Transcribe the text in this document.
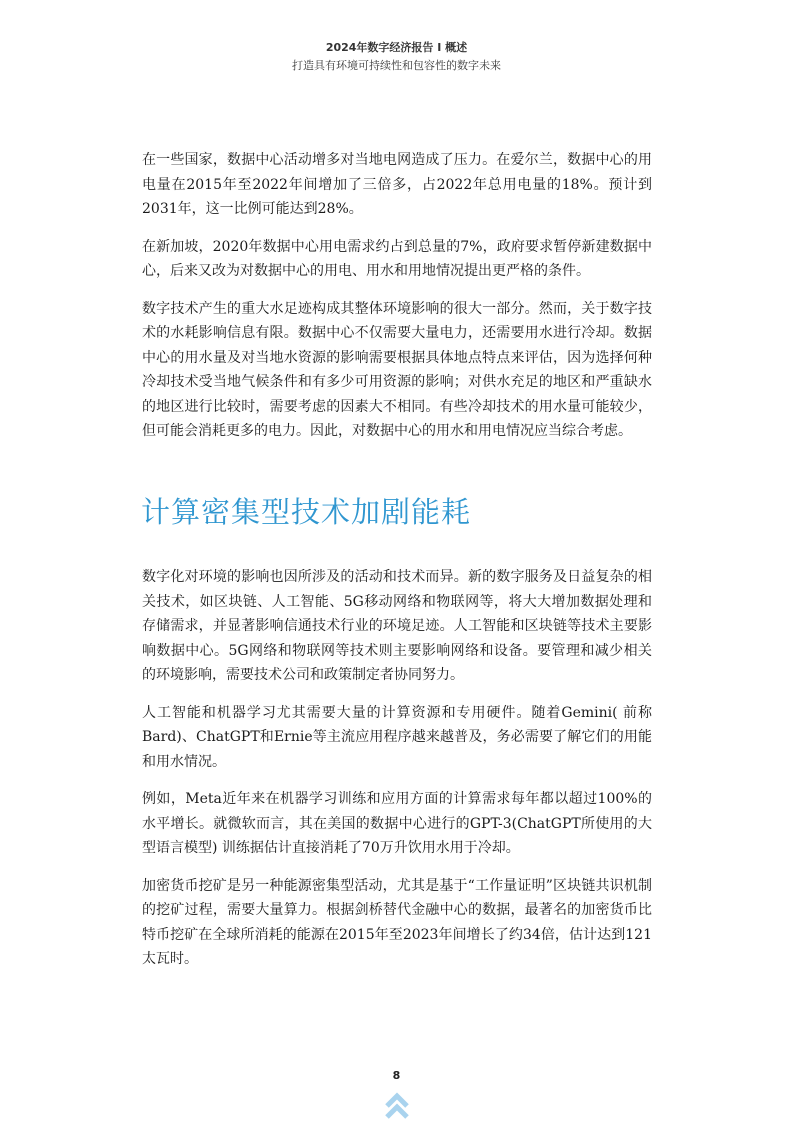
2024年数字经济报告 I 概述
打造具有环境可持续性和包容性的数字未来

在一些国家，数据中心活动增多对当地电网造成了压力。在爱尔兰，数据中心的用电量在2015年至2022年间增加了三倍多，占2022年总用电量的18%。预计到2031年，这一比例可能达到28%。

在新加坡，2020年数据中心用电需求约占到总量的7%，政府要求暂停新建数据中心，后来又改为对数据中心的用电、用水和用地情况提出更严格的条件。

数字技术产生的重大水足迹构成其整体环境影响的很大一部分。然而，关于数字技术的水耗影响信息有限。数据中心不仅需要大量电力，还需要用水进行冷却。数据中心的用水量及对当地水资源的影响需要根据具体地点特点来评估，因为选择何种冷却技术受当地气候条件和有多少可用资源的影响；对供水充足的地区和严重缺水的地区进行比较时，需要考虑的因素大不相同。有些冷却技术的用水量可能较少，但可能会消耗更多的电力。因此，对数据中心的用水和用电情况应当综合考虑。

计算密集型技术加剧能耗

数字化对环境的影响也因所涉及的活动和技术而异。新的数字服务及日益复杂的相关技术，如区块链、人工智能、5G移动网络和物联网等，将大大增加数据处理和存储需求，并显著影响信通技术行业的环境足迹。人工智能和区块链等技术主要影响数据中心。5G网络和物联网等技术则主要影响网络和设备。要管理和减少相关的环境影响，需要技术公司和政策制定者协同努力。

人工智能和机器学习尤其需要大量的计算资源和专用硬件。随着Gemini( 前称Bard)、ChatGPT和Ernie等主流应用程序越来越普及，务必需要了解它们的用能和用水情况。

例如，Meta近年来在机器学习训练和应用方面的计算需求每年都以超过100%的水平增长。就微软而言，其在美国的数据中心进行的GPT-3(ChatGPT所使用的大型语言模型) 训练据估计直接消耗了70万升饮用水用于冷却。

加密货币挖矿是另一种能源密集型活动，尤其是基于“工作量证明”区块链共识机制的挖矿过程，需要大量算力。根据剑桥替代金融中心的数据，最著名的加密货币比特币挖矿在全球所消耗的能源在2015年至2023年间增长了约34倍，估计达到121太瓦时。

8
